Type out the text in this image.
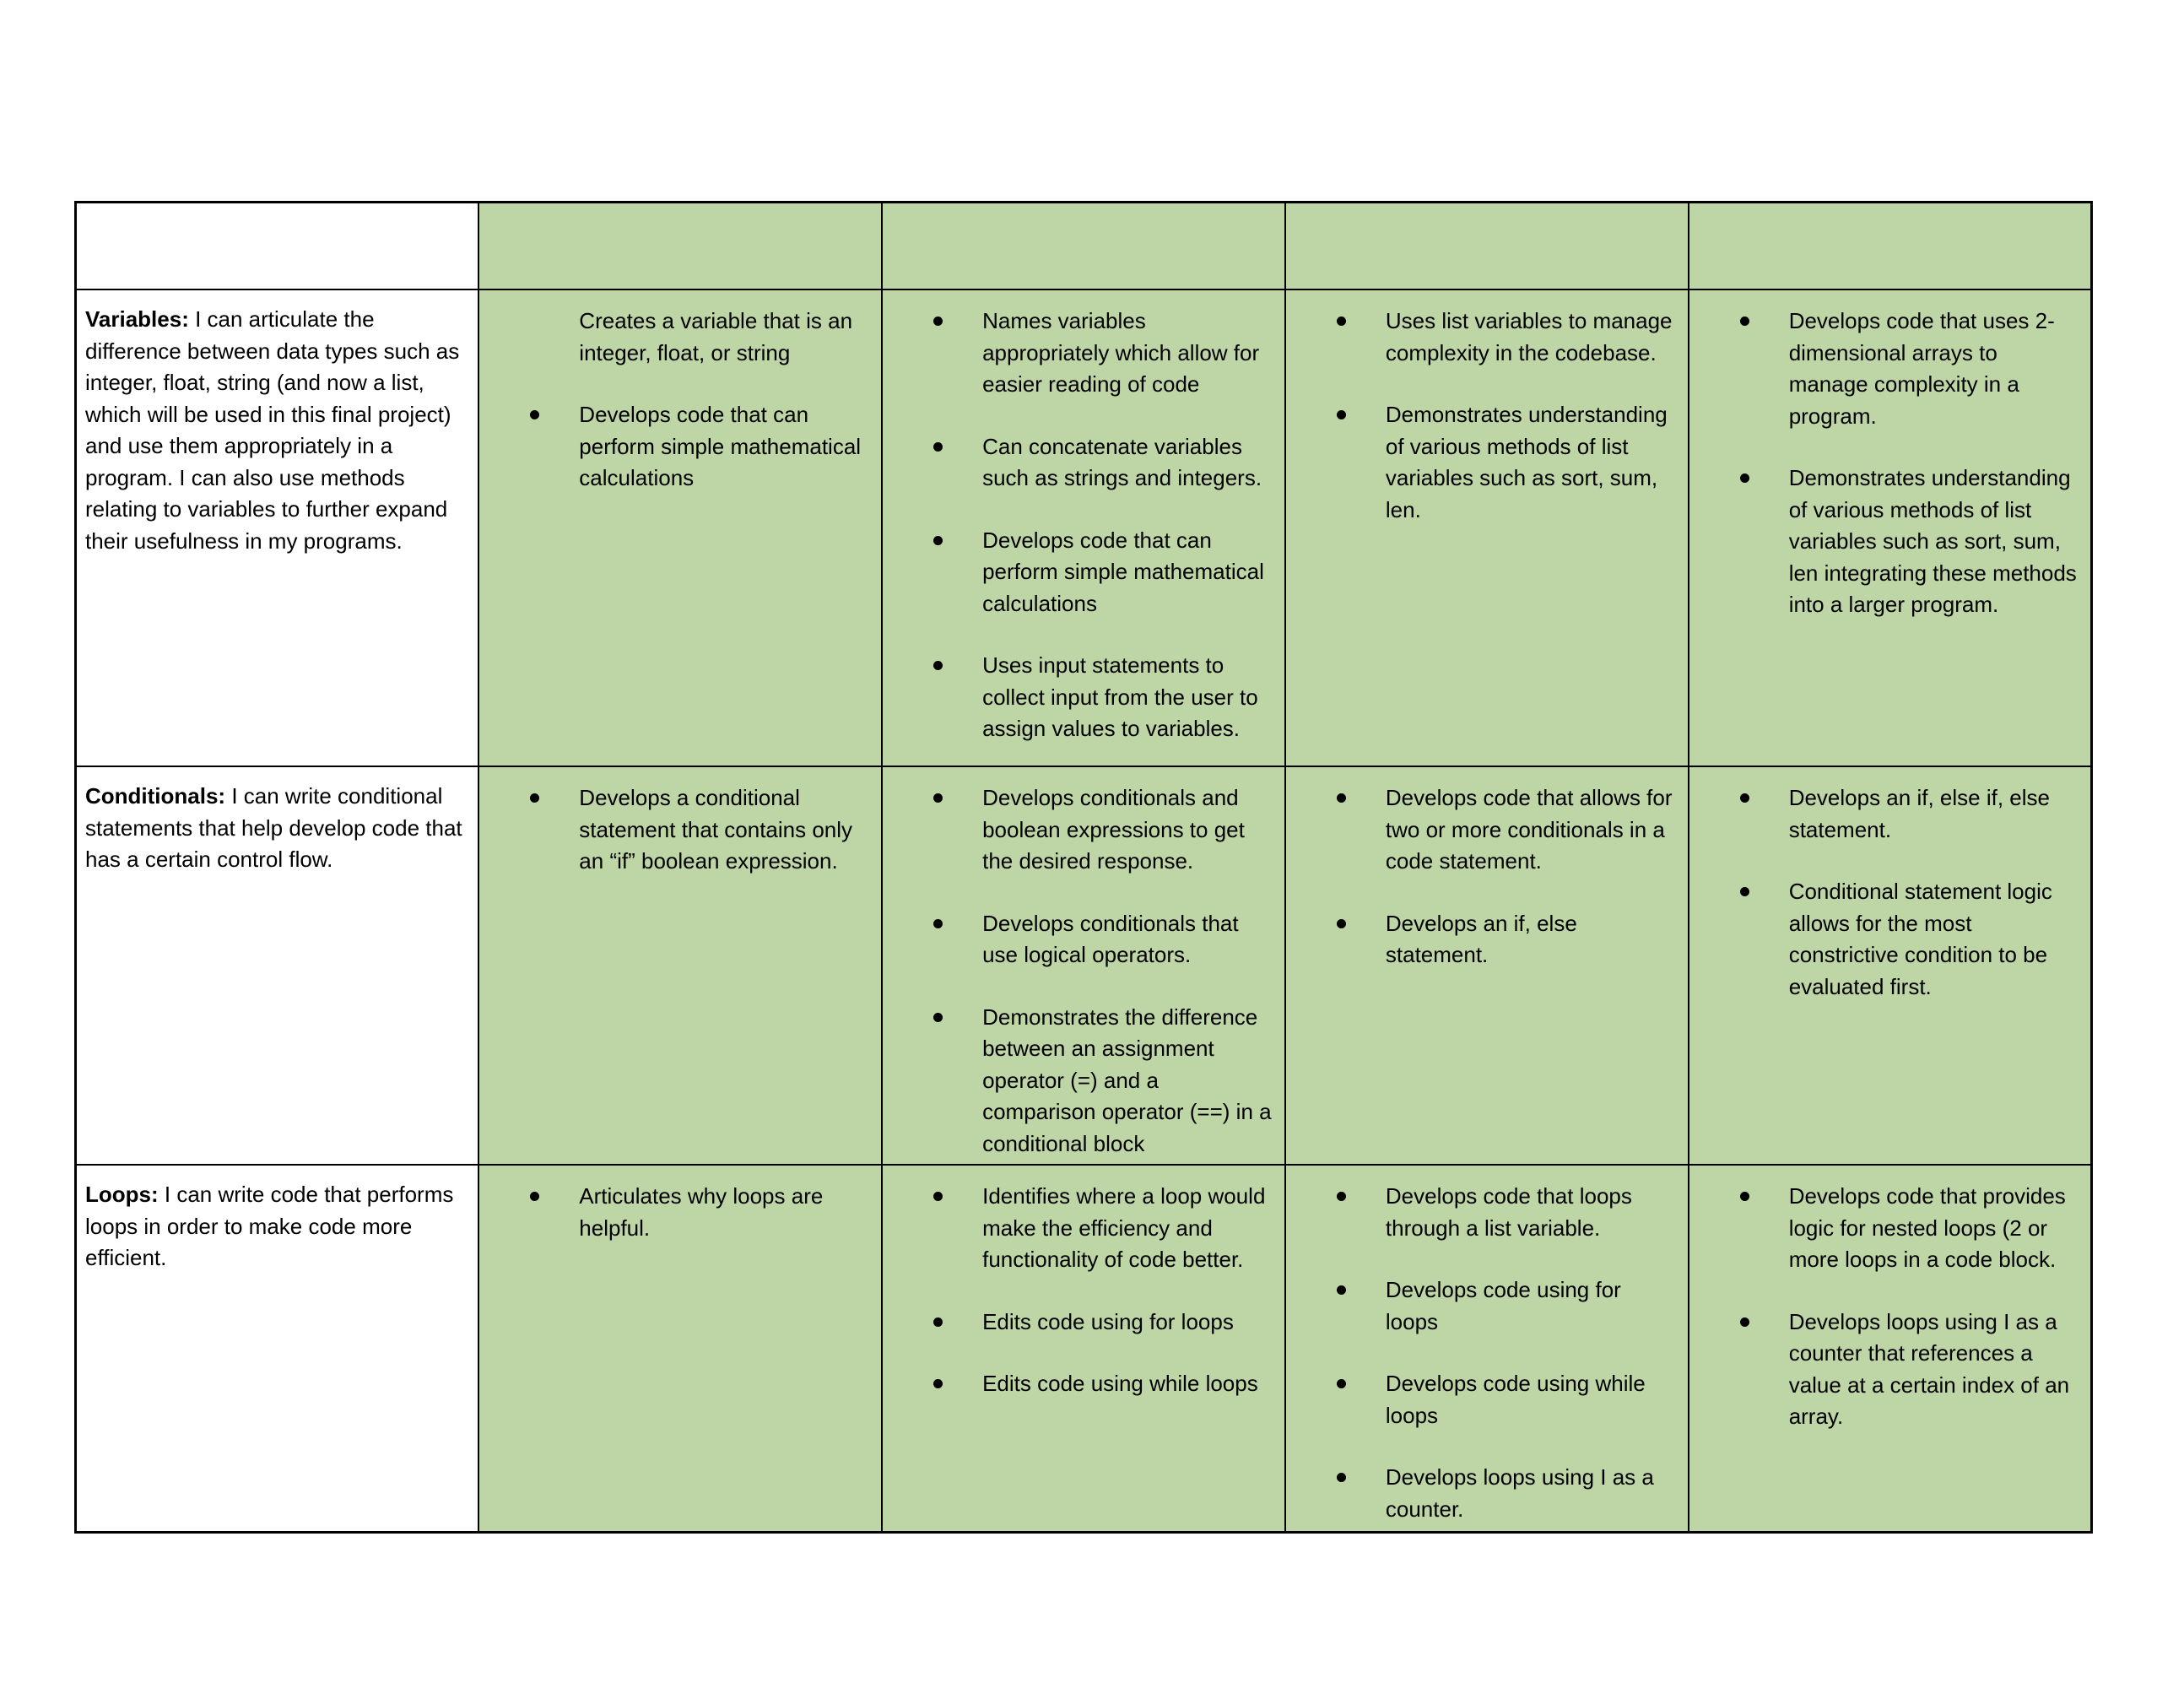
Variables: I can articulate the difference between data types such as integer, float, string (and now a list, which will be used in this final project) and use them appropriately in a program. I can also use methods relating to variables to further expand their usefulness in my programs.	
Creates a variable that is an integer, float, or string
Develops code that can perform simple mathematical calculations

Names variables appropriately which allow for easier reading of code
Can concatenate variables such as strings and integers.
Develops code that can perform simple mathematical calculations
Uses input statements to collect input from the user to assign values to variables.

Uses list variables to manage complexity in the codebase.
Demonstrates understanding of various methods of list variables such as sort, sum, len.

Develops code that uses 2-dimensional arrays to manage complexity in a program.
Demonstrates understanding of various methods of list variables such as sort, sum, len integrating these methods into a larger program.

Conditionals: I can write conditional statements that help develop code that has a certain control flow.	
Develops a conditional statement that contains only an “if” boolean expression.

Develops conditionals and boolean expressions to get the desired response.
Develops conditionals that use logical operators.
Demonstrates the difference between an assignment operator (=) and a comparison operator (==) in a conditional block

Develops code that allows for two or more conditionals in a code statement.
Develops an if, else statement.

Develops an if, else if, else statement.
Conditional statement logic allows for the most constrictive condition to be evaluated first.

Loops: I can write code that performs loops in order to make code more efficient.	
Articulates why loops are helpful.

Identifies where a loop would make the efficiency and functionality of code better.
Edits code using for loops
Edits code using while loops

Develops code that loops through a list variable.
Develops code using for loops
Develops code using while loops
Develops loops using I as a counter.

Develops code that provides logic for nested loops (2 or more loops in a code block.
Develops loops using I as a counter that references a value at a certain index of an array.
